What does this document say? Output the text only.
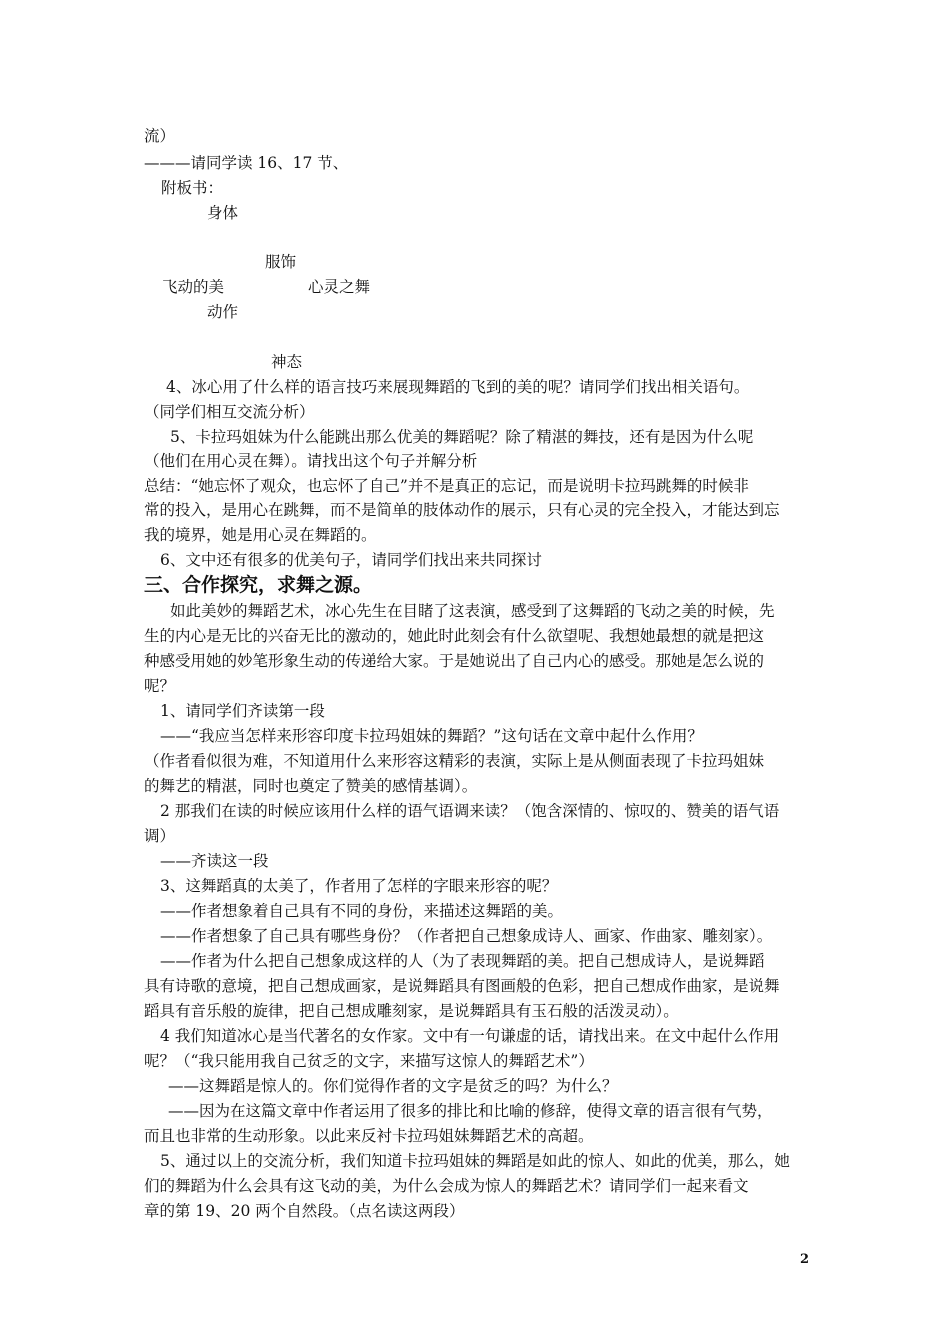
流）
———请同学读 16、17 节、
附板书：
身体
服饰
飞动的美	心灵之舞
动作
神态
4、冰心用了什么样的语言技巧来展现舞蹈的飞到的美的呢？请同学们找出相关语句。
（同学们相互交流分析）
5、卡拉玛姐妹为什么能跳出那么优美的舞蹈呢？除了精湛的舞技，还有是因为什么呢
（他们在用心灵在舞）。请找出这个句子并解分析
总结：“她忘怀了观众，也忘怀了自己”并不是真正的忘记，而是说明卡拉玛跳舞的时候非
常的投入，是用心在跳舞，而不是简单的肢体动作的展示，只有心灵的完全投入，才能达到忘
我的境界，她是用心灵在舞蹈的。
6、文中还有很多的优美句子，请同学们找出来共同探讨
三、合作探究，求舞之源。
如此美妙的舞蹈艺术，冰心先生在目睹了这表演，感受到了这舞蹈的飞动之美的时候，先
生的内心是无比的兴奋无比的激动的，她此时此刻会有什么欲望呢、我想她最想的就是把这
种感受用她的妙笔形象生动的传递给大家。于是她说出了自己内心的感受。那她是怎么说的
呢？
1、请同学们齐读第一段
——“我应当怎样来形容印度卡拉玛姐妹的舞蹈？”这句话在文章中起什么作用？
（作者看似很为难，不知道用什么来形容这精彩的表演，实际上是从侧面表现了卡拉玛姐妹
的舞艺的精湛，同时也奠定了赞美的感情基调）。
2 那我们在读的时候应该用什么样的语气语调来读？（饱含深情的、惊叹的、赞美的语气语
调）
——齐读这一段
3、这舞蹈真的太美了，作者用了怎样的字眼来形容的呢？
——作者想象着自己具有不同的身份，来描述这舞蹈的美。
——作者想象了自己具有哪些身份？（作者把自己想象成诗人、画家、作曲家、雕刻家）。
——作者为什么把自己想象成这样的人（为了表现舞蹈的美。把自己想成诗人，是说舞蹈
具有诗歌的意境，把自己想成画家，是说舞蹈具有图画般的色彩，把自己想成作曲家，是说舞
蹈具有音乐般的旋律，把自己想成雕刻家，是说舞蹈具有玉石般的活泼灵动）。
4 我们知道冰心是当代著名的女作家。文中有一句谦虚的话，请找出来。在文中起什么作用
呢？（“我只能用我自己贫乏的文字，来描写这惊人的舞蹈艺术”）
——这舞蹈是惊人的。你们觉得作者的文字是贫乏的吗？为什么？
——因为在这篇文章中作者运用了很多的排比和比喻的修辞，使得文章的语言很有气势，
而且也非常的生动形象。以此来反衬卡拉玛姐妹舞蹈艺术的高超。
5、通过以上的交流分析，我们知道卡拉玛姐妹的舞蹈是如此的惊人、如此的优美，那么，她
们的舞蹈为什么会具有这飞动的美，为什么会成为惊人的舞蹈艺术？请同学们一起来看文
章的第 19、20 两个自然段。（点名读这两段）
2
